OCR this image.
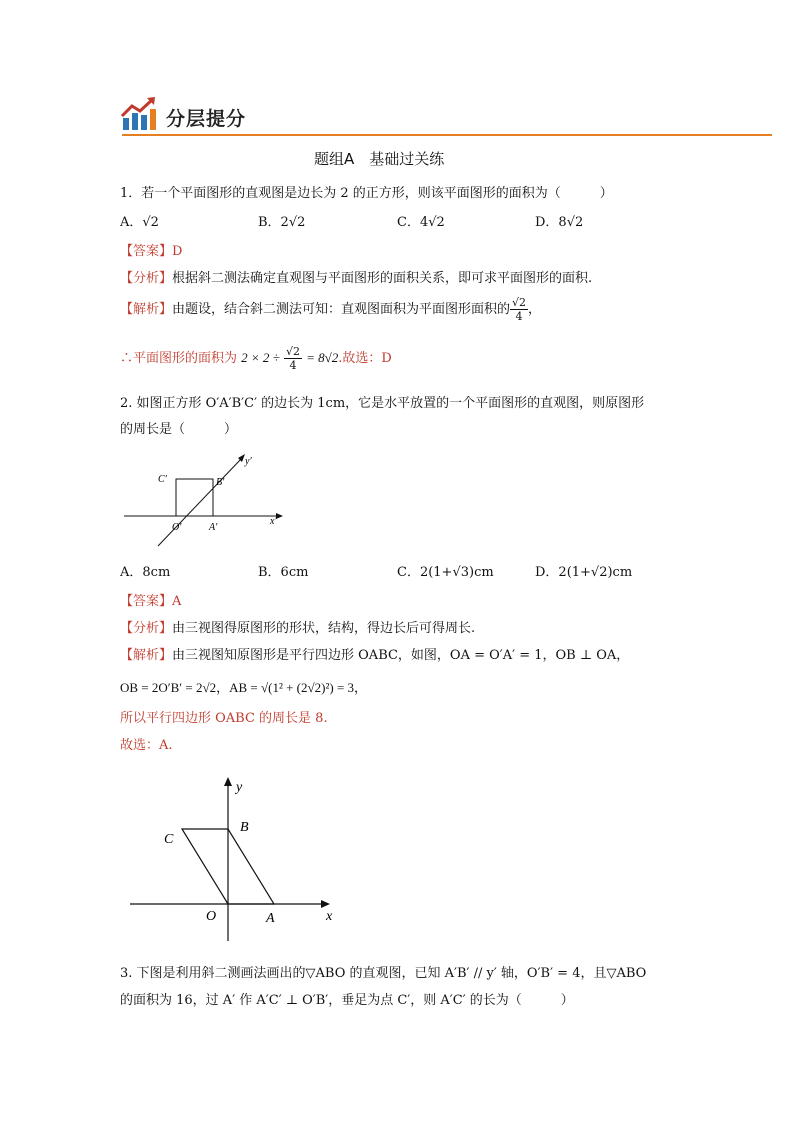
分层提分
题组A　基础过关练
1．若一个平面图形的直观图是边长为 2 的正方形，则该平面图形的面积为（　　　）
A．√2	B．2√2	C．4√2	D．8√2
【答案】D
【分析】根据斜二测法确定直观图与平面图形的面积关系，即可求平面图形的面积.
【解析】由题设，结合斜二测法可知：直观图面积为平面图形面积的 $\frac{√2}{4}$ ，
∴平面图形的面积为 $2 \times 2 \div \frac{√2}{4} = 8√2$.故选：D
2. 如图正方形 O′A′B′C′ 的边长为 1cm，它是水平放置的一个平面图形的直观图，则原图形
的周长是（　　　）
y′
x′
C′	B′
O′	A′
A．8cm	B．6cm	C．2(1+√3)cm	D．2(1+√2)cm
【答案】A
【分析】由三视图得原图形的形状，结构，得边长后可得周长.
【解析】由三视图知原图形是平行四边形 OABC，如图，OA = O′A′ = 1，OB ⊥ OA，
OB = 2O′B′ = 2√2，AB = √(1² + (2√2)²) = 3，
所以平行四边形 OABC 的周长是 8.
故选：A.
y
x
C
B
O	A
3. 下图是利用斜二测画法画出的▽ABO 的直观图，已知 A′B′ // y′ 轴，O′B′ = 4，且▽ABO
的面积为 16，过 A′ 作 A′C′ ⊥ O′B′，垂足为点 C′，则 A′C′ 的长为（　　　）
